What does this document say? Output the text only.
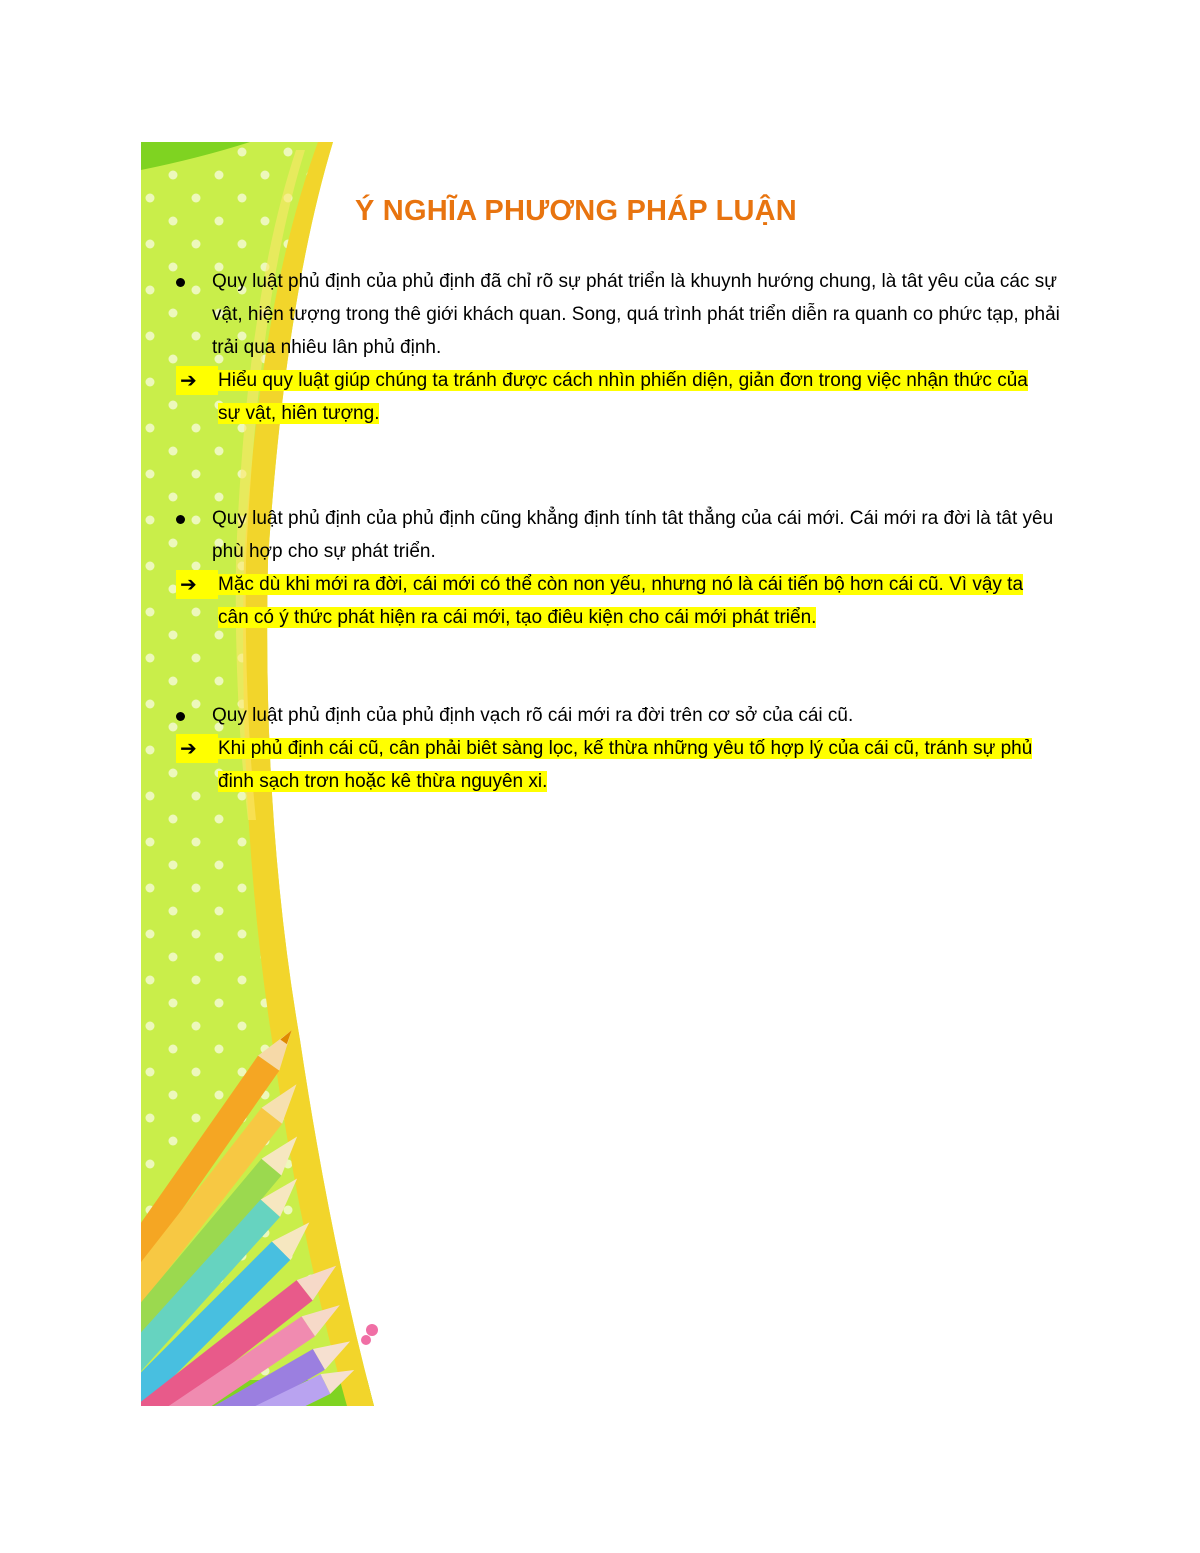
Ý NGHĨA PHƯƠNG PHÁP LUẬN

Quy luật phủ định của phủ định đã chỉ rõ sự phát triển là khuynh hướng chung, là tât yêu của các sự vật, hiện tượng trong thê giới khách quan. Song, quá trình phát triển diễn ra quanh co phức tạp, phải trải qua nhiêu lân phủ định.

➔ Hiểu quy luật giúp chúng ta tránh được cách nhìn phiến diện, giản đơn trong việc nhận thức của sự vật, hiên tượng.

Quy luật phủ định của phủ định cũng khẳng định tính tât thẳng của cái mới. Cái mới ra đời là tât yêu phù hợp cho sự phát triển.

➔ Mặc dù khi mới ra đời, cái mới có thể còn non yếu, nhưng nó là cái tiến bộ hơn cái cũ. Vì vậy ta cân có ý thức phát hiện ra cái mới, tạo điêu kiện cho cái mới phát triển.

Quy luật phủ định của phủ định vạch rõ cái mới ra đời trên cơ sở của cái cũ.

➔ Khi phủ định cái cũ, cân phải biêt sàng lọc, kế thừa những yêu tố hợp lý của cái cũ, tránh sự phủ đinh sạch trơn hoặc kê thừa nguyên xi.
